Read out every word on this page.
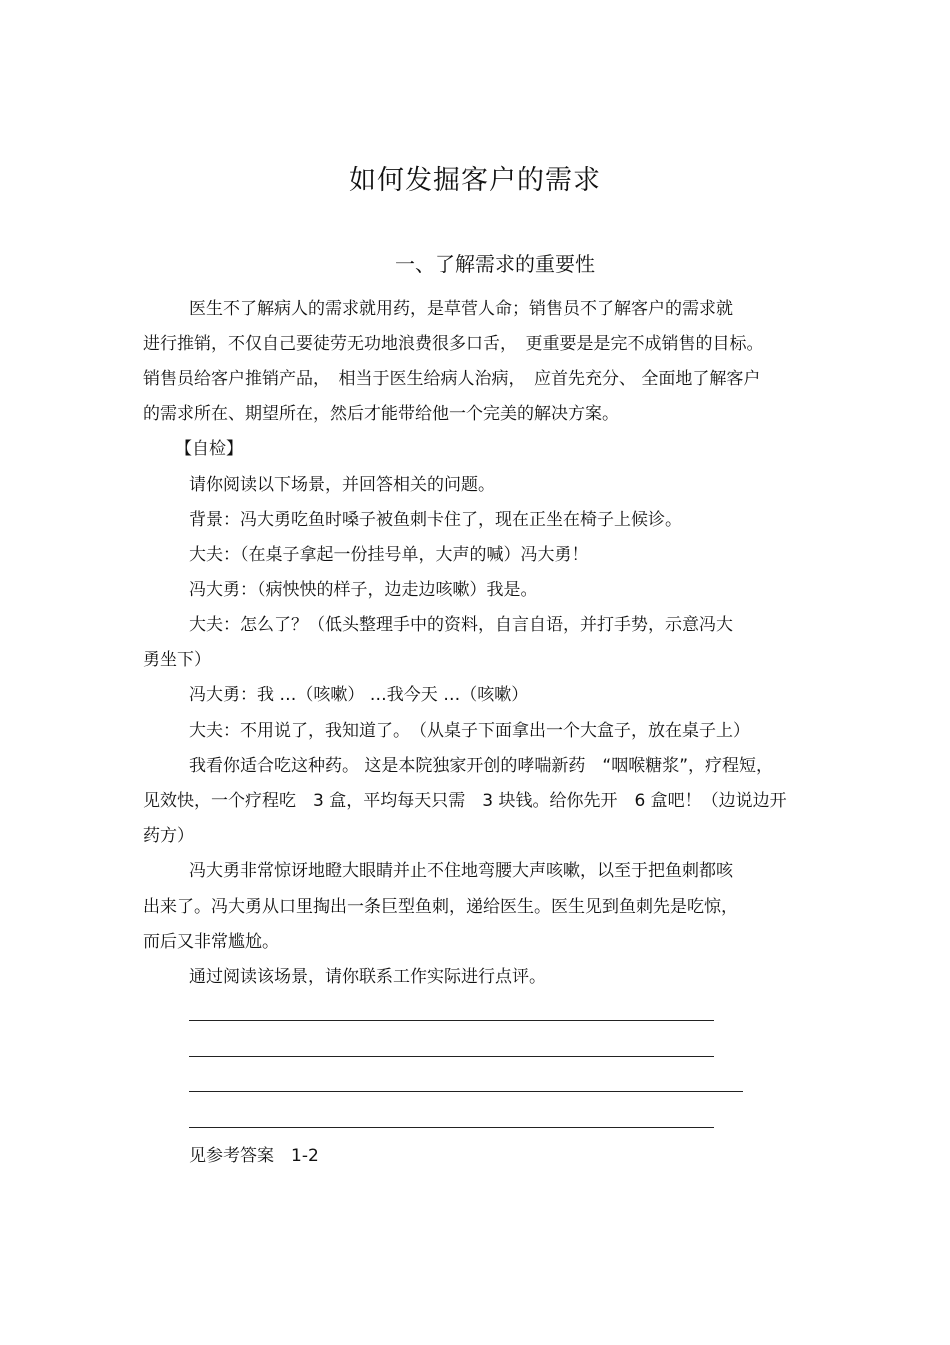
如何发掘客户的需求
一、了解需求的重要性
医生不了解病人的需求就用药，是草菅人命；销售员不了解客户的需求就
进行推销，不仅自己要徒劳无功地浪费很多口舌，　更重要是是完不成销售的目标。
销售员给客户推销产品，　相当于医生给病人治病，　应首先充分、 全面地了解客户
的需求所在、期望所在，然后才能带给他一个完美的解决方案。
【自检】
请你阅读以下场景，并回答相关的问题。
背景：冯大勇吃鱼时嗓子被鱼刺卡住了，现在正坐在椅子上候诊。
大夫：（在桌子拿起一份挂号单，大声的喊）冯大勇！
冯大勇：（病怏怏的样子，边走边咳嗽）我是。
大夫：怎么了？（低头整理手中的资料，自言自语，并打手势，示意冯大
勇坐下）
冯大勇：我 …（咳嗽） …我今天 …（咳嗽）
大夫：不用说了，我知道了。　（从桌子下面拿出一个大盒子，放在桌子上）
我看你适合吃这种药。 这是本院独家开创的哮喘新药　“咽喉糖浆”，疗程短，
见效快，一个疗程吃　3 盒，平均每天只需　3 块钱。给你先开　6 盒吧！（边说边开
药方）
冯大勇非常惊讶地瞪大眼睛并止不住地弯腰大声咳嗽，以至于把鱼刺都咳
出来了。冯大勇从口里掏出一条巨型鱼刺，递给医生。医生见到鱼刺先是吃惊，
而后又非常尴尬。
通过阅读该场景，请你联系工作实际进行点评。
见参考答案　1-2
